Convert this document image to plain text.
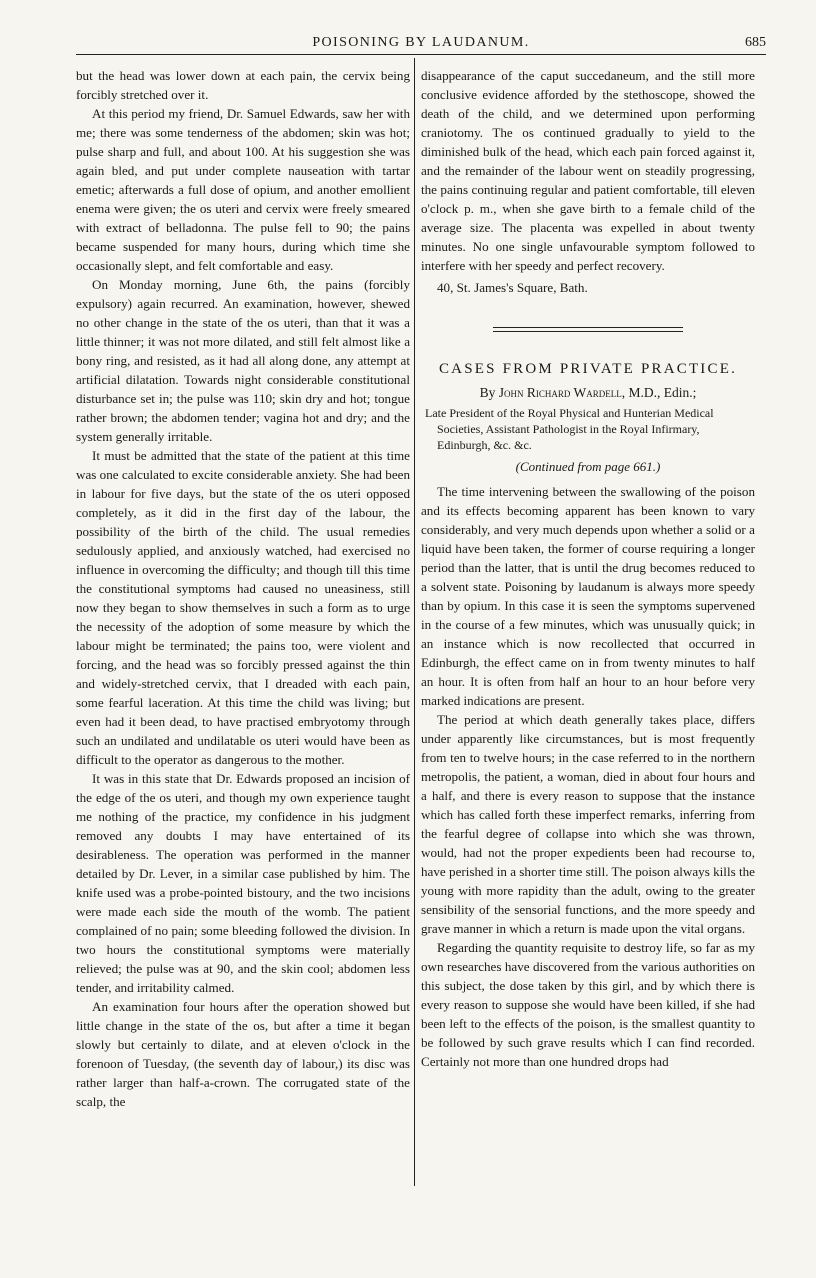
POISONING BY LAUDANUM.	685

but the head was lower down at each pain, the cervix being forcibly stretched over it.

At this period my friend, Dr. Samuel Edwards, saw her with me; there was some tenderness of the abdomen; skin was hot; pulse sharp and full, and about 100. At his suggestion she was again bled, and put under complete nauseation with tartar emetic; afterwards a full dose of opium, and another emollient enema were given; the os uteri and cervix were freely smeared with extract of belladonna. The pulse fell to 90; the pains became suspended for many hours, during which time she occasionally slept, and felt comfortable and easy.

On Monday morning, June 6th, the pains (forcibly expulsory) again recurred. An examination, however, shewed no other change in the state of the os uteri, than that it was a little thinner; it was not more dilated, and still felt almost like a bony ring, and resisted, as it had all along done, any attempt at artificial dilatation. Towards night considerable constitutional disturbance set in; the pulse was 110; skin dry and hot; tongue rather brown; the abdomen tender; vagina hot and dry; and the system generally irritable.

It must be admitted that the state of the patient at this time was one calculated to excite considerable anxiety. She had been in labour for five days, but the state of the os uteri opposed completely, as it did in the first day of the labour, the possibility of the birth of the child. The usual remedies sedulously applied, and anxiously watched, had exercised no influence in overcoming the difficulty; and though till this time the constitutional symptoms had caused no uneasiness, still now they began to show themselves in such a form as to urge the necessity of the adoption of some measure by which the labour might be terminated; the pains too, were violent and forcing, and the head was so forcibly pressed against the thin and widely-stretched cervix, that I dreaded with each pain, some fearful laceration. At this time the child was living; but even had it been dead, to have practised embryotomy through such an undilated and undilatable os uteri would have been as difficult to the operator as dangerous to the mother.

It was in this state that Dr. Edwards proposed an incision of the edge of the os uteri, and though my own experience taught me nothing of the practice, my confidence in his judgment removed any doubts I may have entertained of its desirableness. The operation was performed in the manner detailed by Dr. Lever, in a similar case published by him. The knife used was a probe-pointed bistoury, and the two incisions were made each side the mouth of the womb. The patient complained of no pain; some bleeding followed the division. In two hours the constitutional symptoms were materially relieved; the pulse was at 90, and the skin cool; abdomen less tender, and irritability calmed.

An examination four hours after the operation showed but little change in the state of the os, but after a time it began slowly but certainly to dilate, and at eleven o'clock in the forenoon of Tuesday, (the seventh day of labour,) its disc was rather larger than half-a-crown. The corrugated state of the scalp, the

disappearance of the caput succedaneum, and the still more conclusive evidence afforded by the stethoscope, showed the death of the child, and we determined upon performing craniotomy. The os continued gradually to yield to the diminished bulk of the head, which each pain forced against it, and the remainder of the labour went on steadily progressing, the pains continuing regular and patient comfortable, till eleven o'clock p. m., when she gave birth to a female child of the average size. The placenta was expelled in about twenty minutes. No one single unfavourable symptom followed to interfere with her speedy and perfect recovery.

40, St. James's Square, Bath.

CASES FROM PRIVATE PRACTICE.
By John Richard Wardell, M.D., Edin.;
Late President of the Royal Physical and Hunterian Medical Societies, Assistant Pathologist in the Royal Infirmary, Edinburgh, &c. &c.
(Continued from page 661.)

The time intervening between the swallowing of the poison and its effects becoming apparent has been known to vary considerably, and very much depends upon whether a solid or a liquid have been taken, the former of course requiring a longer period than the latter, that is until the drug becomes reduced to a solvent state. Poisoning by laudanum is always more speedy than by opium. In this case it is seen the symptoms supervened in the course of a few minutes, which was unusually quick; in an instance which is now recollected that occurred in Edinburgh, the effect came on in from twenty minutes to half an hour. It is often from half an hour to an hour before very marked indications are present.

The period at which death generally takes place, differs under apparently like circumstances, but is most frequently from ten to twelve hours; in the case referred to in the northern metropolis, the patient, a woman, died in about four hours and a half, and there is every reason to suppose that the instance which has called forth these imperfect remarks, inferring from the fearful degree of collapse into which she was thrown, would, had not the proper expedients been had recourse to, have perished in a shorter time still. The poison always kills the young with more rapidity than the adult, owing to the greater sensibility of the sensorial functions, and the more speedy and grave manner in which a return is made upon the vital organs.

Regarding the quantity requisite to destroy life, so far as my own researches have discovered from the various authorities on this subject, the dose taken by this girl, and by which there is every reason to suppose she would have been killed, if she had been left to the effects of the poison, is the smallest quantity to be followed by such grave results which I can find recorded. Certainly not more than one hundred drops had
